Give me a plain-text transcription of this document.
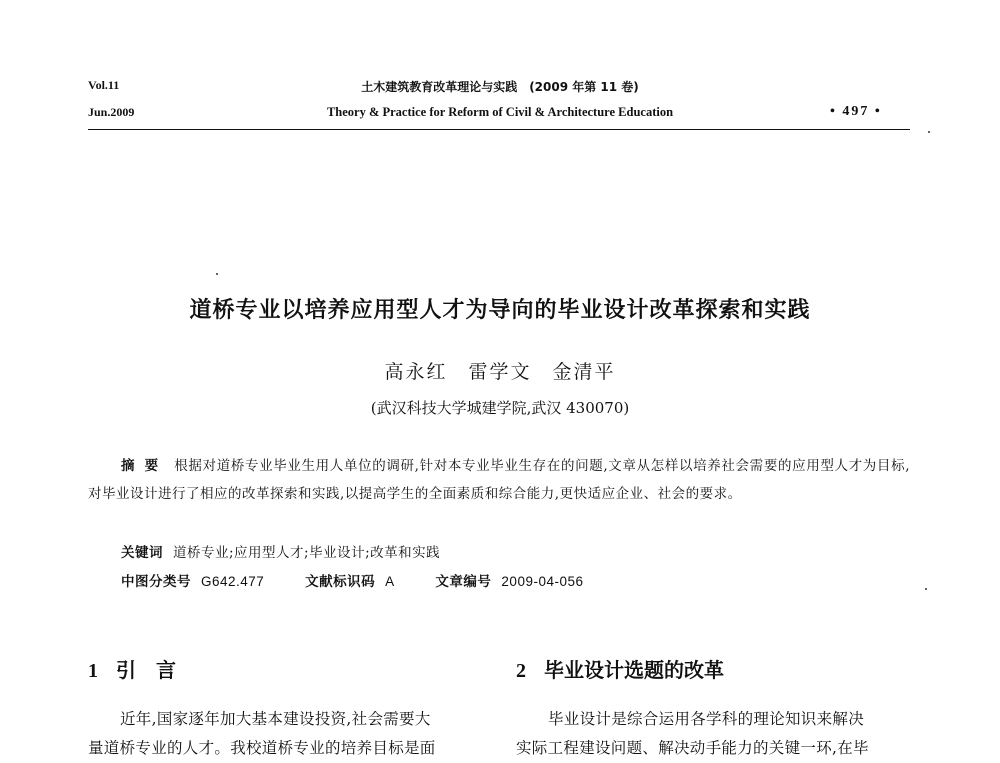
Vol.11
Jun.2009
土木建筑教育改革理论与实践　(2009 年第 11 卷)
Theory & Practice for Reform of Civil & Architecture Education	• 497 •
道桥专业以培养应用型人才为导向的毕业设计改革探索和实践
高永红　雷学文　金清平
(武汉科技大学城建学院,武汉 430070)
摘要 根据对道桥专业毕业生用人单位的调研,针对本专业毕业生存在的问题,文章从怎样以培养社会需要的应用型人才为目标,对毕业设计进行了相应的改革探索和实践,以提高学生的全面素质和综合能力,更快适应企业、社会的要求。
关键词 道桥专业;应用型人才;毕业设计;改革和实践
中图分类号 G642.477	文献标识码 A	文章编号 2009-04-056
1 引　言
近年,国家逐年加大基本建设投资,社会需要大
量道桥专业的人才。我校道桥专业的培养目标是面
2 毕业设计选题的改革
毕业设计是综合运用各学科的理论知识来解决
实际工程建设问题、解决动手能力的关键一环,在毕
